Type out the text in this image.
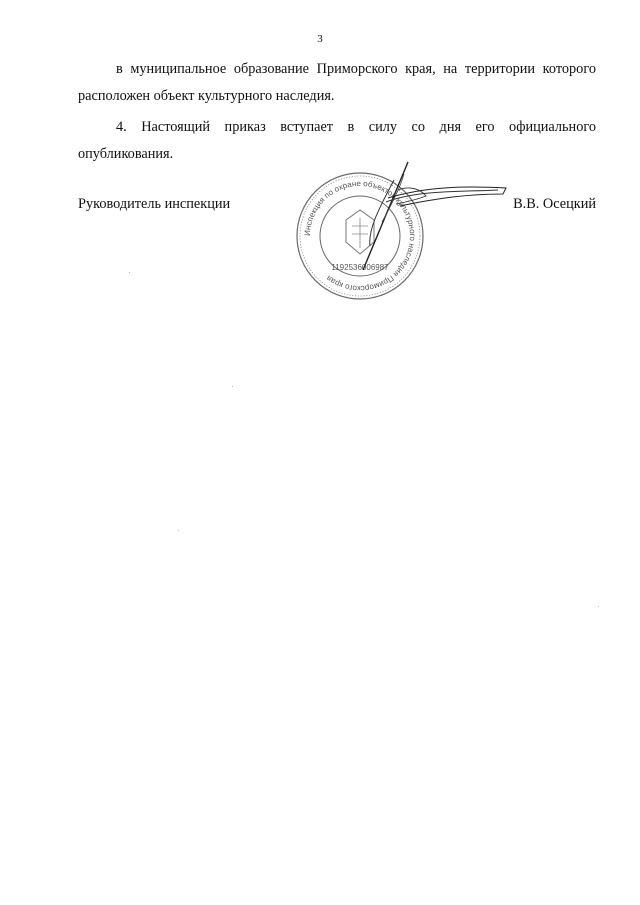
3

в муниципальное образование Приморского края, на территории которого расположен объект культурного наследия.

4. Настоящий приказ вступает в силу со дня его официального опубликования.

Руководитель инспекции
Инспекция по охране объектов культурного наследия Приморского края
1192536006987
В.В. Осецкий
